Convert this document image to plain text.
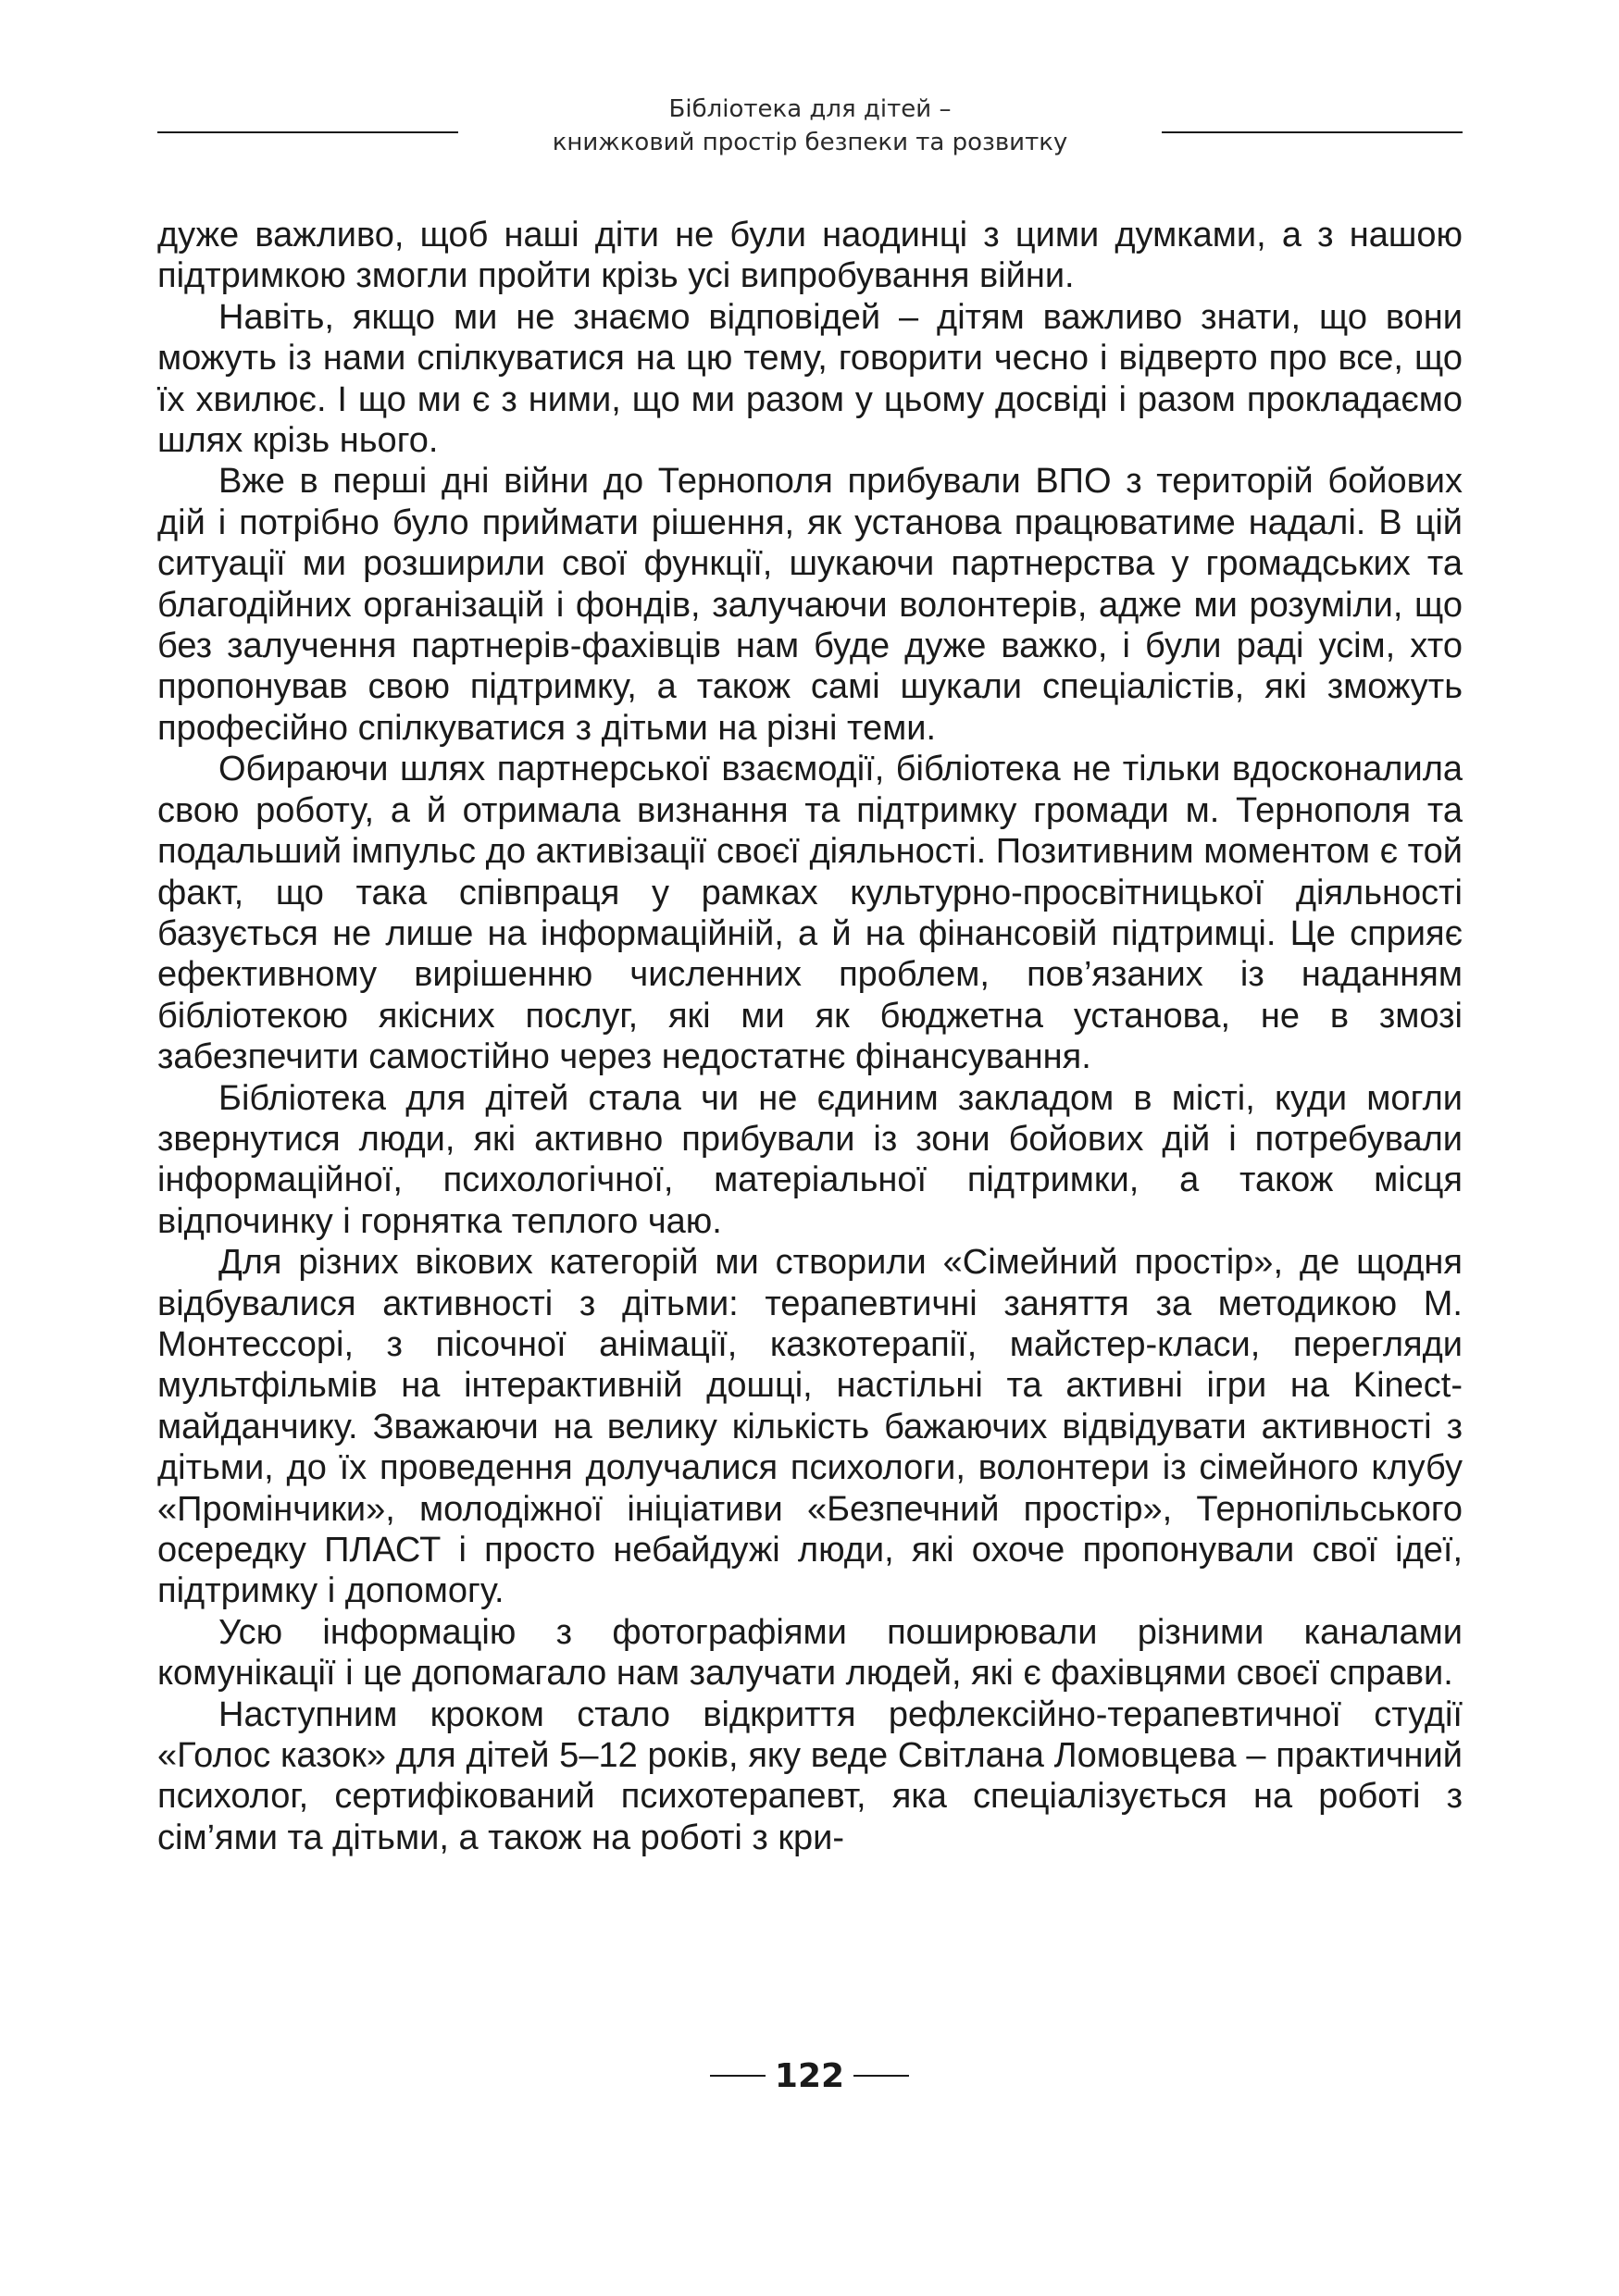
Бібліотека для дітей –
книжковий простір безпеки та розвитку

дуже важливо, щоб наші діти не були наодинці з цими думками, а з нашою підтримкою змогли пройти крізь усі випробування війни.

Навіть, якщо ми не знаємо відповідей – дітям важливо знати, що вони можуть із нами спілкуватися на цю тему, говорити чесно і відверто про все, що їх хвилює. І що ми є з ними, що ми разом у цьому досвіді і разом прокладаємо шлях крізь нього.

Вже в перші дні війни до Тернополя прибували ВПО з територій бойових дій і потрібно було приймати рішення, як установа працюватиме надалі. В цій ситуації ми розширили свої функції, шукаючи партнерства у громадських та благодійних організацій і фондів, залучаючи волонтерів, адже ми розуміли, що без залучення партнерів-фахівців нам буде дуже важко, і були раді усім, хто пропонував свою підтримку, а також самі шукали спеціалістів, які зможуть професійно спілкуватися з дітьми на різні теми.

Обираючи шлях партнерської взаємодії, бібліотека не тільки вдосконалила свою роботу, а й отримала визнання та підтримку громади м. Тернополя та подальший імпульс до активізації своєї діяльності. Позитивним моментом є той факт, що така співпраця у рамках культурно-просвітницької діяльності базується не лише на інформаційній, а й на фінансовій підтримці. Це сприяє ефективному вирішенню численних проблем, пов’язаних із наданням бібліотекою якісних послуг, які ми як бюджетна установа, не в змозі забезпечити самостійно через недостатнє фінансування.

Бібліотека для дітей стала чи не єдиним закладом в місті, куди могли звернутися люди, які активно прибували із зони бойових дій і потребували інформаційної, психологічної, матеріальної підтримки, а також місця відпочинку і горнятка теплого чаю.

Для різних вікових категорій ми створили «Сімейний простір», де щодня відбувалися активності з дітьми: терапевтичні заняття за методикою М. Монтессорі, з пісочної анімації, казкотерапії, майстер-класи, перегляди мультфільмів на інтерактивній дошці, настільні та активні ігри на Kinect-майданчику. Зважаючи на велику кількість бажаючих відвідувати активності з дітьми, до їх проведення долучалися психологи, волонтери із сімейного клубу «Промінчики», молодіжної ініціативи «Безпечний простір», Тернопільського осередку ПЛАСТ і просто небайдужі люди, які охоче пропонували свої ідеї, підтримку і допомогу.

Усю інформацію з фотографіями поширювали різними каналами комунікації і це допомагало нам залучати людей, які є фахівцями своєї справи.

Наступним кроком стало відкриття рефлексійно-терапевтичної студії «Голос казок» для дітей 5–12 років, яку веде Світлана Ломовцева – практичний психолог, сертифікований психотерапевт, яка спеціалізується на роботі з сім’ями та дітьми, а також на роботі з кри-

122
